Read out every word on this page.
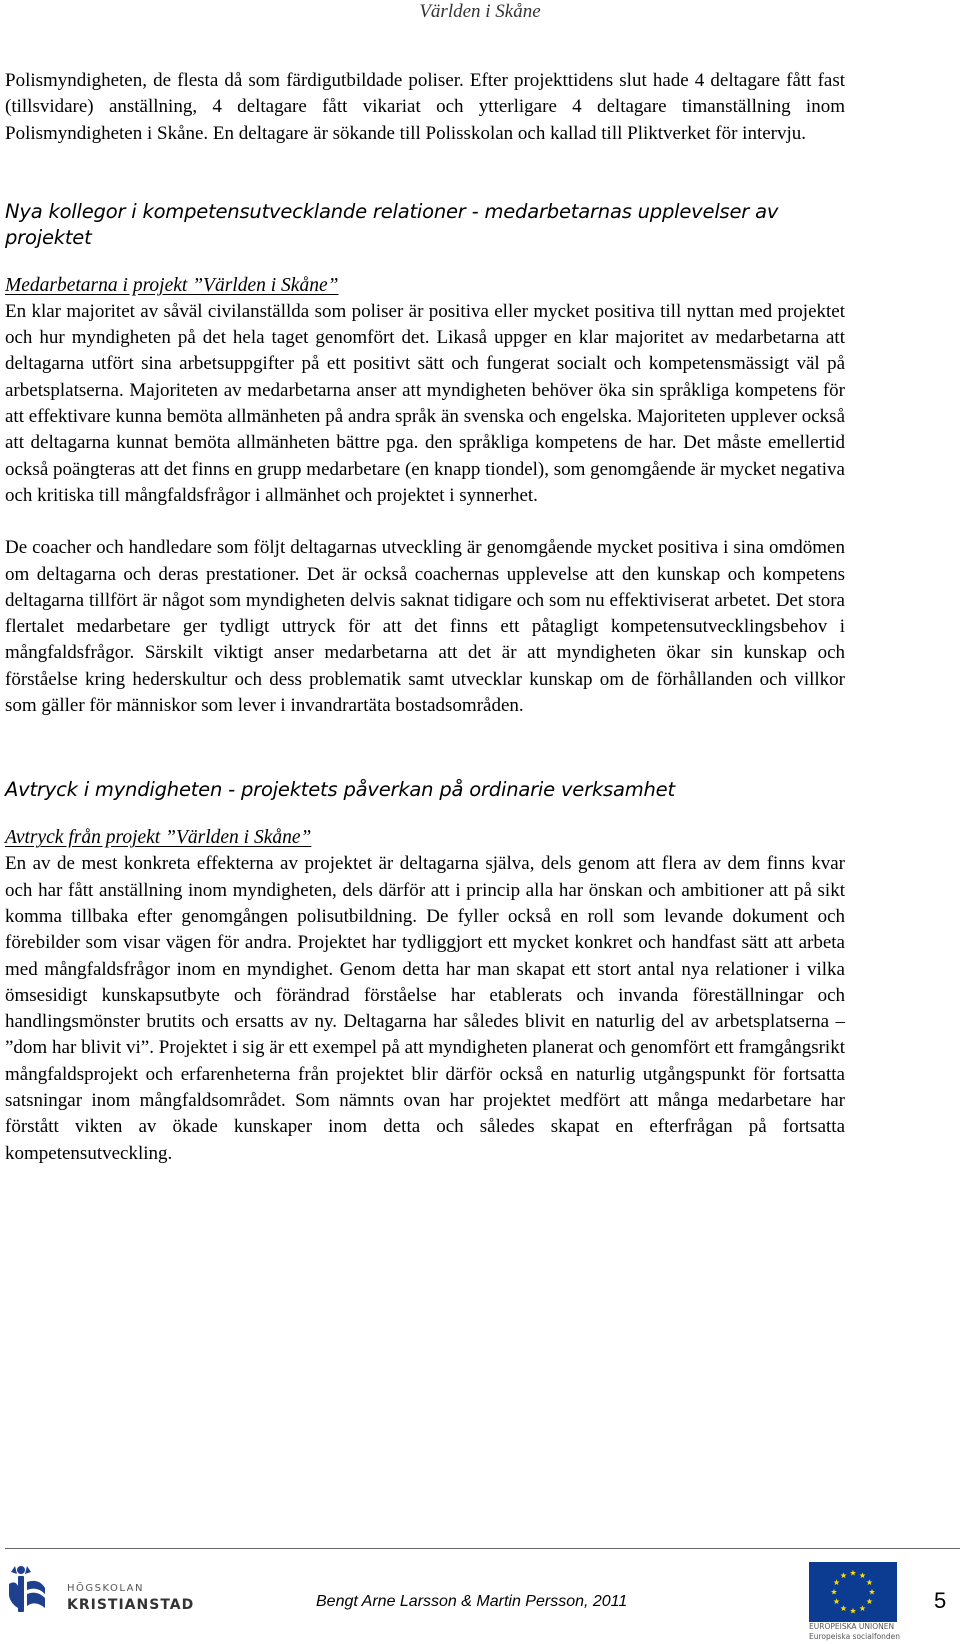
Världen i Skåne

Polismyndigheten, de flesta då som färdigutbildade poliser. Efter projekttidens slut hade 4 deltagare fått fast (tillsvidare) anställning, 4 deltagare fått vikariat och ytterligare 4 deltagare timanställning inom Polismyndigheten i Skåne. En deltagare är sökande till Polisskolan och kallad till Pliktverket för intervju.

Nya kollegor i kompetensutvecklande relationer - medarbetarnas upplevelser av projektet
Medarbetarna i projekt ”Världen i Skåne”

En klar majoritet av såväl civilanställda som poliser är positiva eller mycket positiva till nyttan med projektet och hur myndigheten på det hela taget genomfört det. Likaså uppger en klar majoritet av medarbetarna att deltagarna utfört sina arbetsuppgifter på ett positivt sätt och fungerat socialt och kompetensmässigt väl på arbetsplatserna. Majoriteten av medarbetarna anser att myndigheten behöver öka sin språkliga kompetens för att effektivare kunna bemöta allmänheten på andra språk än svenska och engelska. Majoriteten upplever också att deltagarna kunnat bemöta allmänheten bättre pga. den språkliga kompetens de har. Det måste emellertid också poängteras att det finns en grupp medarbetare (en knapp tiondel), som genomgående är mycket negativa och kritiska till mångfaldsfrågor i allmänhet och projektet i synnerhet.

De coacher och handledare som följt deltagarnas utveckling är genomgående mycket positiva i sina omdömen om deltagarna och deras prestationer. Det är också coachernas upplevelse att den kunskap och kompetens deltagarna tillfört är något som myndigheten delvis saknat tidigare och som nu effektiviserat arbetet. Det stora flertalet medarbetare ger tydligt uttryck för att det finns ett påtagligt kompetensutvecklingsbehov i mångfaldsfrågor. Särskilt viktigt anser medarbetarna att det är att myndigheten ökar sin kunskap och förståelse kring hederskultur och dess problematik samt utvecklar kunskap om de förhållanden och villkor som gäller för människor som lever i invandrartäta bostadsområden.

Avtryck i myndigheten - projektets påverkan på ordinarie verksamhet
Avtryck från projekt ”Världen i Skåne”

En av de mest konkreta effekterna av projektet är deltagarna själva, dels genom att flera av dem finns kvar och har fått anställning inom myndigheten, dels därför att i princip alla har önskan och ambitioner att på sikt komma tillbaka efter genomgången polisutbildning. De fyller också en roll som levande dokument och förebilder som visar vägen för andra. Projektet har tydliggjort ett mycket konkret och handfast sätt att arbeta med mångfaldsfrågor inom en myndighet. Genom detta har man skapat ett stort antal nya relationer i vilka ömsesidigt kunskapsutbyte och förändrad förståelse har etablerats och invanda föreställningar och handlingsmönster brutits och ersatts av ny. Deltagarna har således blivit en naturlig del av arbetsplatserna – ”dom har blivit vi”. Projektet i sig är ett exempel på att myndigheten planerat och genomfört ett framgångsrikt mångfaldsprojekt och erfarenheterna från projektet blir därför också en naturlig utgångspunkt för fortsatta satsningar inom mångfaldsområdet. Som nämnts ovan har projektet medfört att många medarbetare har förstått vikten av ökade kunskaper inom detta och således skapat en efterfrågan på fortsatta kompetensutveckling.

HÖGSKOLAN
KRISTIANSTAD	Bengt Arne Larsson & Martin Persson, 2011
EUROPEISKA UNIONEN
Europeiska socialfonden
5
